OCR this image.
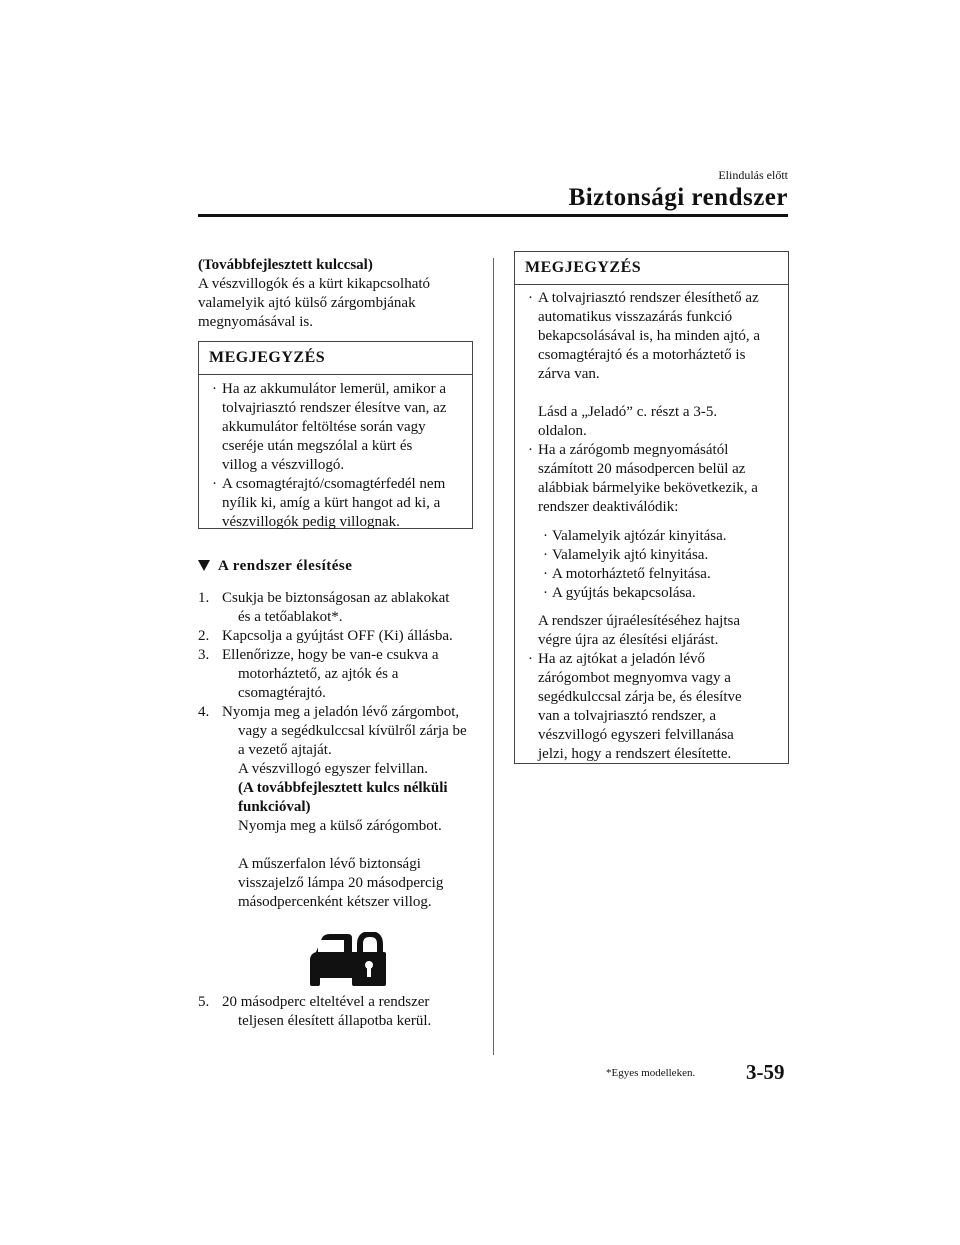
Elindulás előtt
Biztonsági rendszer
(Továbbfejlesztett kulccsal)
A vészvillogók és a kürt kikapcsolható
valamelyik ajtó külső zárgombjának
megnyomásával is.
MEGJEGYZÉS
· Ha az akkumulátor lemerül, amikor a
tolvajriasztó rendszer élesítve van, az
akkumulátor feltöltése során vagy
cseréje után megszólal a kürt és
villog a vészvillogó.
· A csomagtérajtó/csomagtérfedél nem
nyílik ki, amíg a kürt hangot ad ki, a
vészvillogók pedig villognak.
A rendszer élesítése
1. Csukja be biztonságosan az ablakokat
és a tetőablakot*.
2. Kapcsolja a gyújtást OFF (Ki) állásba.
3. Ellenőrizze, hogy be van-e csukva a
motorháztető, az ajtók és a
csomagtérajtó.
4. Nyomja meg a jeladón lévő zárgombot,
vagy a segédkulccsal kívülről zárja be
a vezető ajtaját.
A vészvillogó egyszer felvillan.
(A továbbfejlesztett kulcs nélküli
funkcióval)
Nyomja meg a külső zárógombot.
A műszerfalon lévő biztonsági
visszajelző lámpa 20 másodpercig
másodpercenként kétszer villog.
5. 20 másodperc elteltével a rendszer
teljesen élesített állapotba kerül.
MEGJEGYZÉS
· A tolvajriasztó rendszer élesíthető az
automatikus visszazárás funkció
bekapcsolásával is, ha minden ajtó, a
csomagtérajtó és a motorháztető is
zárva van.
Lásd a „Jeladó” c. részt a 3-5.
oldalon.
· Ha a zárógomb megnyomásától
számított 20 másodpercen belül az
alábbiak bármelyike bekövetkezik, a
rendszer deaktiválódik:
· Valamelyik ajtózár kinyitása.
· Valamelyik ajtó kinyitása.
· A motorháztető felnyitása.
· A gyújtás bekapcsolása.
A rendszer újraélesítéséhez hajtsa
végre újra az élesítési eljárást.
· Ha az ajtókat a jeladón lévő
zárógombot megnyomva vagy a
segédkulccsal zárja be, és élesítve
van a tolvajriasztó rendszer, a
vészvillogó egyszeri felvillanása
jelzi, hogy a rendszert élesítette.
*Egyes modelleken. 3-59
